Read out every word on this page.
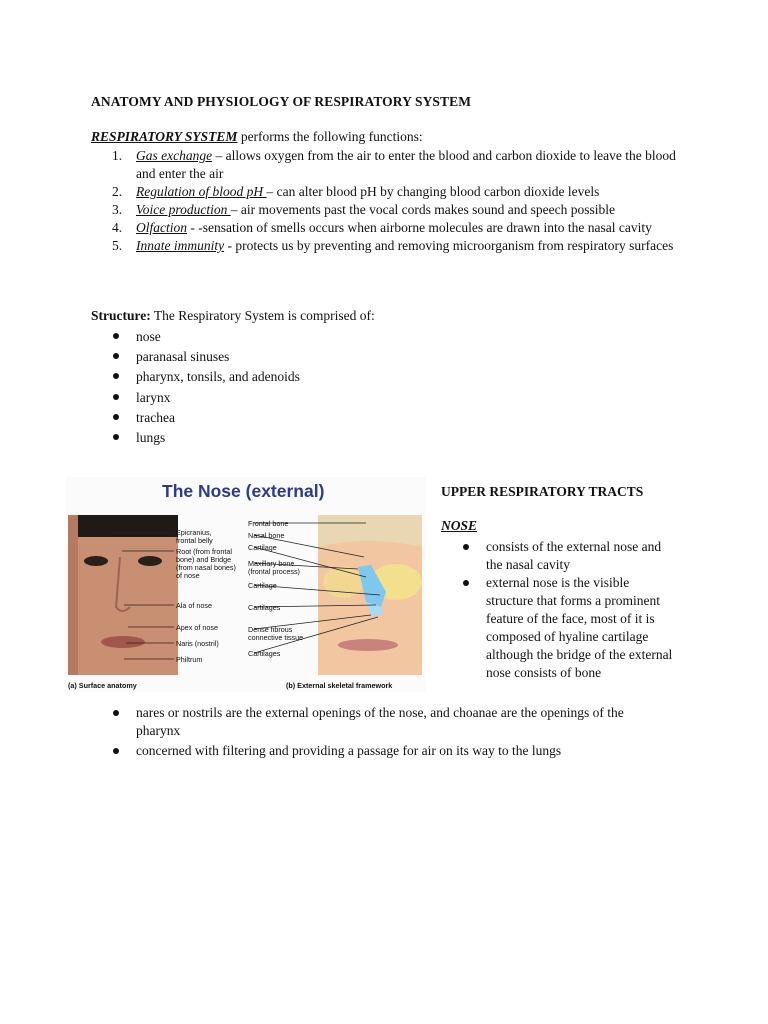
ANATOMY AND PHYSIOLOGY OF RESPIRATORY SYSTEM
RESPIRATORY SYSTEM performs the following functions:
1. Gas exchange – allows oxygen from the air to enter the blood and carbon dioxide to leave the blood and enter the air
2. Regulation of blood pH – can alter blood pH by changing blood carbon dioxide levels
3. Voice production – air movements past the vocal cords makes sound and speech possible
4. Olfaction - -sensation of smells occurs when airborne molecules are drawn into the nasal cavity
5. Innate immunity - protects us by preventing and removing microorganism from respiratory surfaces
Structure: The Respiratory System is comprised of:
nose
paranasal sinuses
pharynx, tonsils, and adenoids
larynx
trachea
lungs
The Nose (external)
Epicranius,
frontal belly
Root (from frontal
bone) and Bridge
(from nasal bones)
of nose
Ala of nose
Apex of nose
Naris (nostril)
Philtrum
Frontal bone
Nasal bone
Cartilage
Maxillary bone
(frontal process)
Cartilage
Cartilages
Dense fibrous
connective tissue
Cartilages
(a) Surface anatomy	(b) External skeletal framework
UPPER RESPIRATORY TRACTS
NOSE
consists of the external nose and the nasal cavity
external nose is the visible structure that forms a prominent feature of the face, most of it is composed of hyaline cartilage although the bridge of the external nose consists of bone
nares or nostrils are the external openings of the nose, and choanae are the openings of the pharynx
concerned with filtering and providing a passage for air on its way to the lungs
